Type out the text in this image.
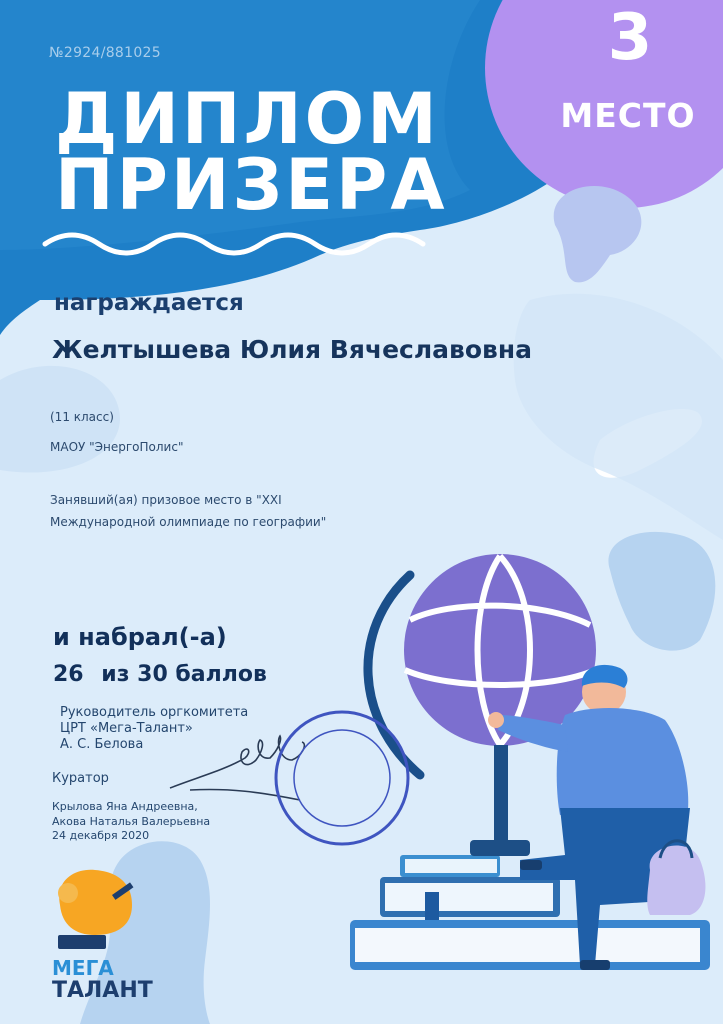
№2924/881025
ДИПЛОМ
ПРИЗЕРА
3
МЕСТО
награждается
Желтышева Юлия Вячеславовна
(11 класс)
МАОУ "ЭнергоПолис"
Занявший(ая) призовое место в "XXI
Международной олимпиаде по географии"
и набрал(-а)
26 из 30 баллов
Руководитель оргкомитета
ЦРТ «Мега-Талант»
А. С. Белова
Куратор
Крылова Яна Андреевна,
Акова Наталья Валерьевна
24 декабря 2020
МЕГА
ТАЛАНТ
